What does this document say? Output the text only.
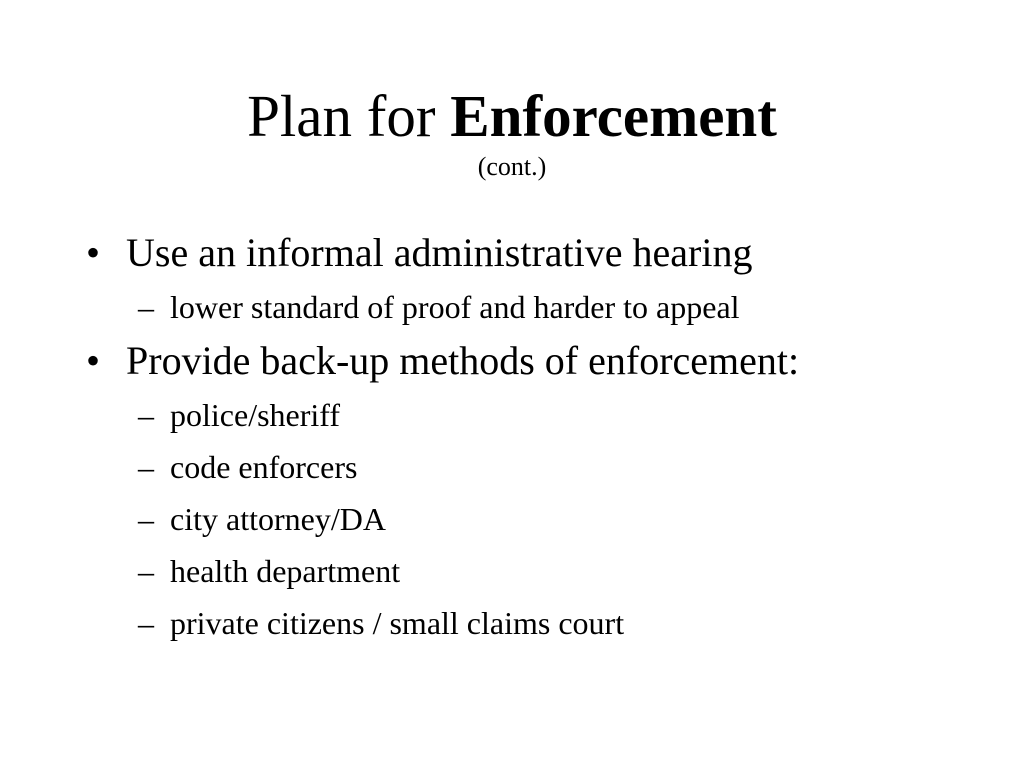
Plan for Enforcement
(cont.)
• Use an informal administrative hearing
– lower standard of proof and harder to appeal
• Provide back-up methods of enforcement:
– police/sheriff
– code enforcers
– city attorney/DA
– health department
– private citizens / small claims court
